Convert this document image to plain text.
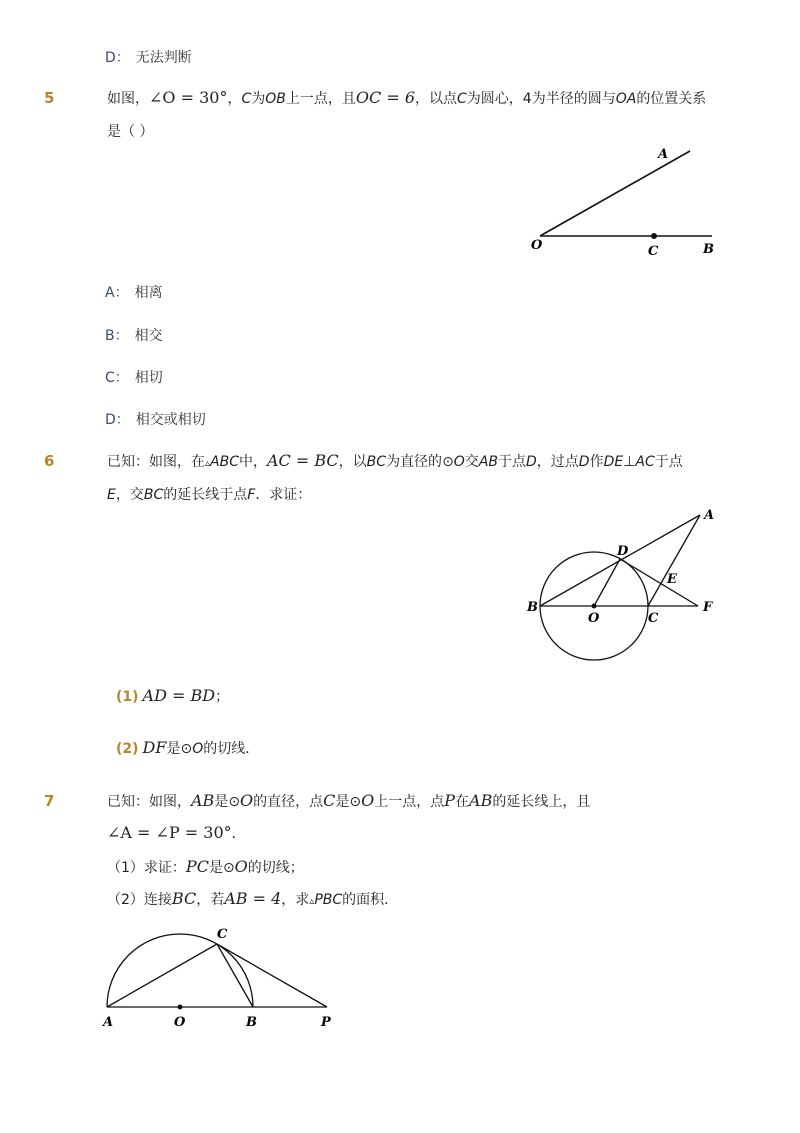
D： 无法判断
5	如图，∠O = 30°，C为OB上一点，且OC = 6，以点C为圆心，4为半径的圆与OA的位置关系
是（ ）
A
O	C	B
A： 相离
B： 相交
C： 相切
D： 相交或相切
6	已知：如图，在▵ABC中，AC = BC，以BC为直径的⊙O交AB于点D，过点D作DE⊥AC于点
E，交BC的延长线于点F．求证：
A
D
E
B
O	C
F
(1) AD = BD；
(2) DF是⊙O的切线．
7	已知：如图，AB是⊙O的直径，点C是⊙O上一点，点P在AB的延长线上，且
∠A = ∠P = 30°．
（1）求证：PC是⊙O的切线；
（2）连接BC，若AB = 4，求▵PBC的面积．
C
A	O	B	P
